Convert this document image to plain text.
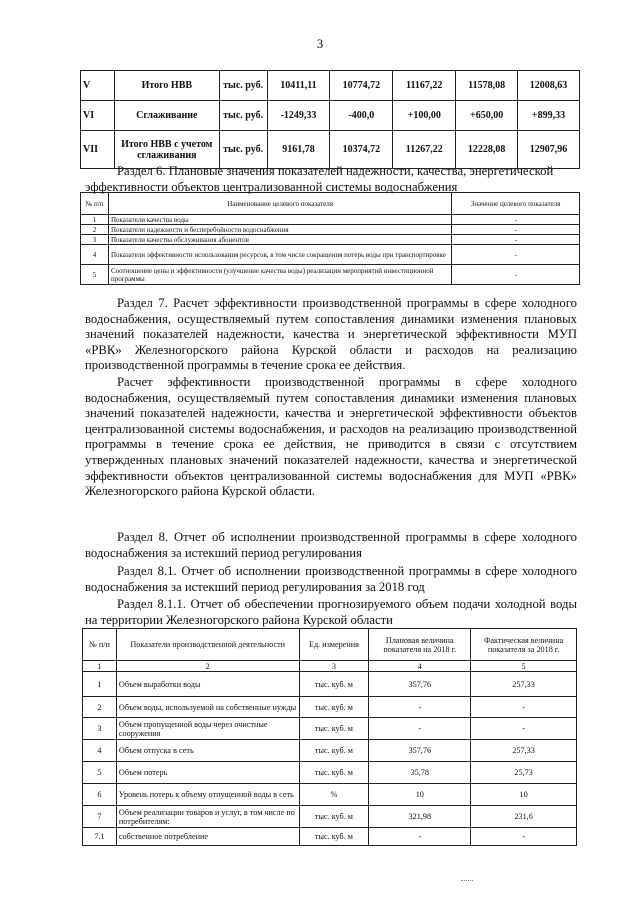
3
V	Итого НВВ	тыс. руб.	10411,11	10774,72	11167,22	11578,08	12008,63
VI	Сглаживание	тыс. руб.	-1249,33	-400,0	+100,00	+650,00	+899,33
VII	Итого НВВ с учетом сглаживания	тыс. руб.	9161,78	10374,72	11267,22	12228,08	12907,96
Раздел 6. Плановые значения показателей надежности, качества, энергетической эффективности объектов централизованной системы водоснабжения
№ п/п	Наименование целевого показателя	Значение целевого показателя
1	Показатели качества воды	-
2	Показатели надежности и бесперебойности водоснабжения	-
3	Показатели качества обслуживания абонентов	-
4	Показатели эффективности использования ресурсов, в том числе сокращения потерь воды при транспортировке	-
5	Соотношение цены и эффективности (улучшение качества воды) реализации мероприятий инвестиционной программы	-
Раздел 7. Расчет эффективности производственной программы в сфере холодного водоснабжения, осуществляемый путем сопоставления динамики изменения плановых значений показателей надежности, качества и энергетической эффективности МУП «РВК» Железногорского района Курской области и расходов на реализацию производственной программы в течение срока ее действия.
Расчет эффективности производственной программы в сфере холодного водоснабжения, осуществляемый путем сопоставления динамики изменения плановых значений показателей надежности, качества и энергетической эффективности объектов централизованной системы водоснабжения, и расходов на реализацию производственной программы в течение срока ее действия, не приводится в связи с отсутствием утвержденных плановых значений показателей надежности, качества и энергетической эффективности объектов централизованной системы водоснабжения для МУП «РВК» Железногорского района Курской области.
Раздел 8. Отчет об исполнении производственной программы в сфере холодного водоснабжения за истекший период регулирования
Раздел 8.1. Отчет об исполнении производственной программы в сфере холодного водоснабжения за истекший период регулирования за 2018 год
Раздел 8.1.1. Отчет об обеспечении прогнозируемого объем подачи холодной воды на территории Железногорского района Курской области
№ п/п	Показатели производственной деятельности	Ед. измерения	Плановая величина показателя на 2018 г.	Фактическая величина показателя за 2018 г.
1	2	3	4	5
1	Объем выработки воды	тыс. куб. м	357,76	257,33
2	Объем воды, используемой на собственные нужды	тыс. куб. м	-	-
3	Объем пропущенной воды через очистные сооружения	тыс. куб. м	-	-
4	Объем отпуска в сеть	тыс. куб. м	357,76	257,33
5	Объем потерь	тыс. куб. м	35,78	25,73
6	Уровень потерь к объему отпущенной воды в сеть	%	10	10
7	Объем реализации товаров и услуг, в том числе по потребителям:	тыс. куб. м	321,98	231,6
7.1	собственное потребление	тыс. куб. м	-	-
